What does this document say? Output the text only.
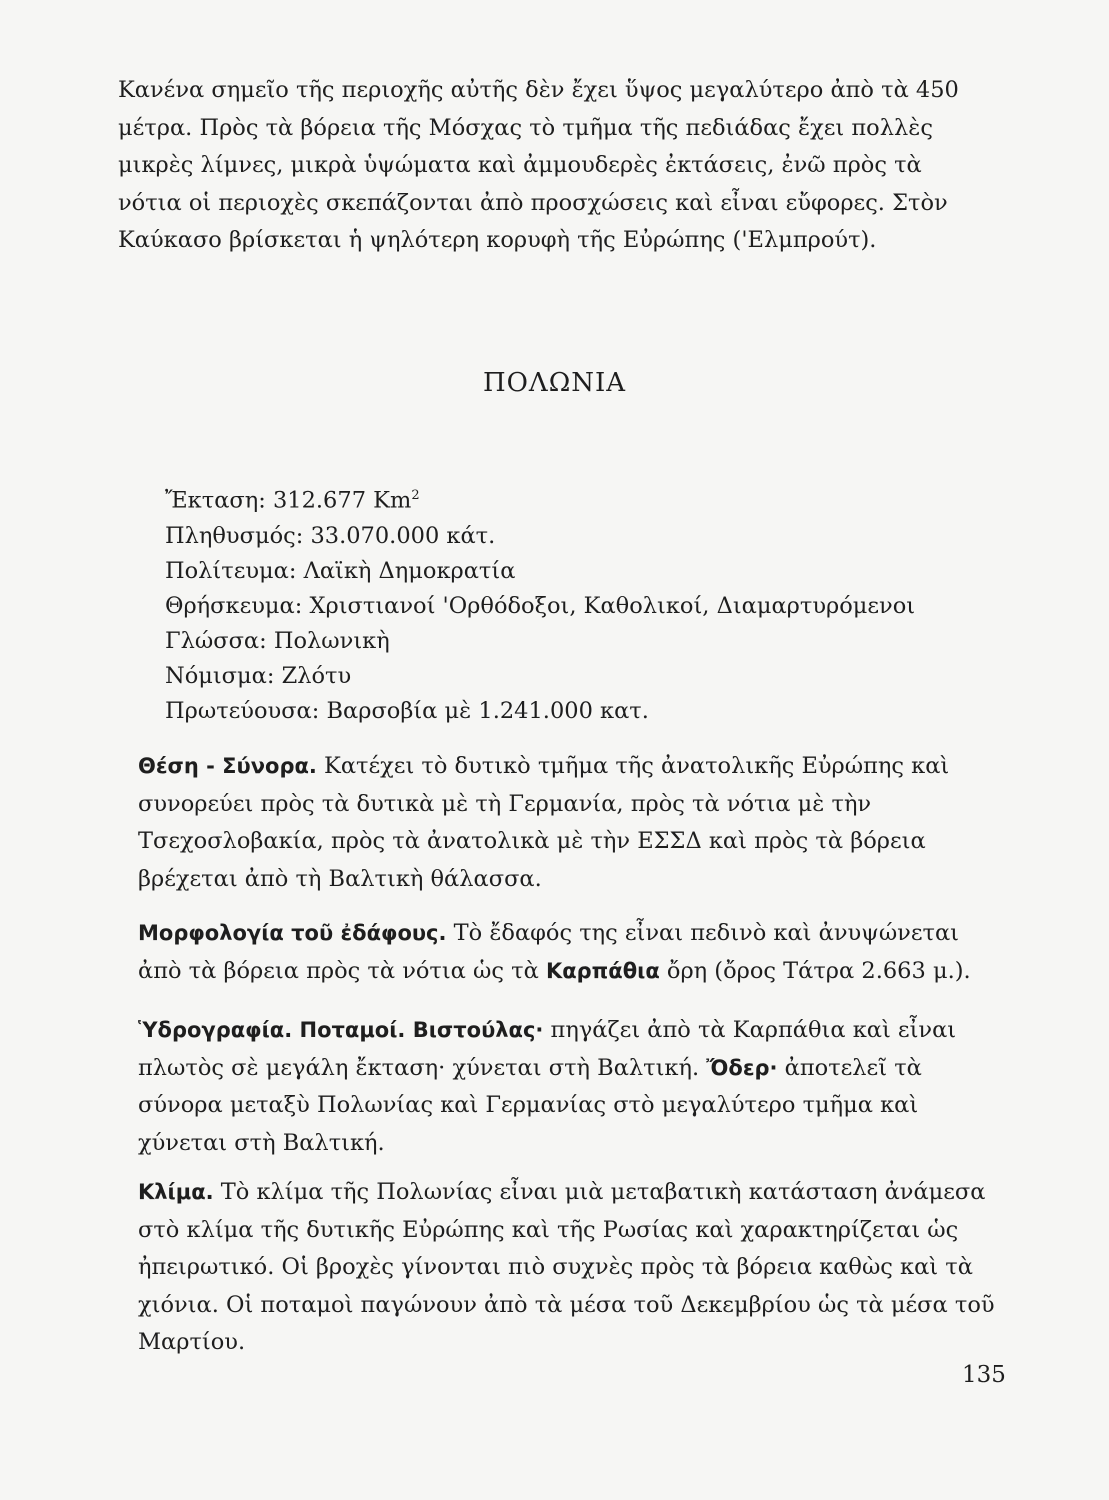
Κανένα σημεῖο τῆς περιοχῆς αὐτῆς δὲν ἔχει ὕψος μεγαλύτερο ἀπὸ τὰ 450 μέτρα. Πρὸς τὰ βόρεια τῆς Μόσχας τὸ τμῆμα τῆς πεδιάδας ἔχει πολλὲς μικρὲς λίμνες, μικρὰ ὑψώματα καὶ ἀμμουδερὲς ἐκτάσεις, ἐνῶ πρὸς τὰ νότια οἱ περιοχὲς σκεπάζονται ἀπὸ προσχώσεις καὶ εἶναι εὔφορες. Στὸν Καύκασο βρίσκεται ἡ ψηλότερη κορυφὴ τῆς Εὐρώπης ('Ελμπρούτ).

ΠΟΛΩΝΙΑ
Ἔκταση: 312.677 Km$^2$
Πληθυσμός: 33.070.000 κάτ.
Πολίτευμα: Λαϊκὴ Δημοκρατία
Θρήσκευμα: Χριστιανοί 'Ορθόδοξοι, Καθολικοί, Διαμαρτυρόμενοι
Γλώσσα: Πολωνικὴ
Νόμισμα: Ζλότυ
Πρωτεύουσα: Βαρσοβία μὲ 1.241.000 κατ.

Θέση - Σύνορα. Κατέχει τὸ δυτικὸ τμῆμα τῆς ἀνατολικῆς Εὐρώπης καὶ συνορεύει πρὸς τὰ δυτικὰ μὲ τὴ Γερμανία, πρὸς τὰ νότια μὲ τὴν Τσεχοσλοβακία, πρὸς τὰ ἀνατολικὰ μὲ τὴν ΕΣΣΔ καὶ πρὸς τὰ βόρεια βρέχεται ἀπὸ τὴ Βαλτικὴ θάλασσα.

Μορφολογία τοῦ ἐδάφους. Τὸ ἔδαφός της εἶναι πεδινὸ καὶ ἀνυψώνεται ἀπὸ τὰ βόρεια πρὸς τὰ νότια ὡς τὰ Καρπάθια ὄρη (ὄρος Τάτρα 2.663 μ.).

Ὑδρογραφία. Ποταμοί. Βιστούλας· πηγάζει ἀπὸ τὰ Καρπάθια καὶ εἶναι πλωτὸς σὲ μεγάλη ἔκταση· χύνεται στὴ Βαλτική. Ὄδερ· ἀποτελεῖ τὰ σύνορα μεταξὺ Πολωνίας καὶ Γερμανίας στὸ μεγαλύτερο τμῆμα καὶ χύνεται στὴ Βαλτική.

Κλίμα. Τὸ κλίμα τῆς Πολωνίας εἶναι μιὰ μεταβατικὴ κατάσταση ἀνάμεσα στὸ κλίμα τῆς δυτικῆς Εὐρώπης καὶ τῆς Ρωσίας καὶ χαρακτηρίζεται ὡς ἠπειρωτικό. Οἱ βροχὲς γίνονται πιὸ συχνὲς πρὸς τὰ βόρεια καθὼς καὶ τὰ χιόνια. Οἱ ποταμοὶ παγώνουν ἀπὸ τὰ μέσα τοῦ Δεκεμβρίου ὡς τὰ μέσα τοῦ Μαρτίου.

135
